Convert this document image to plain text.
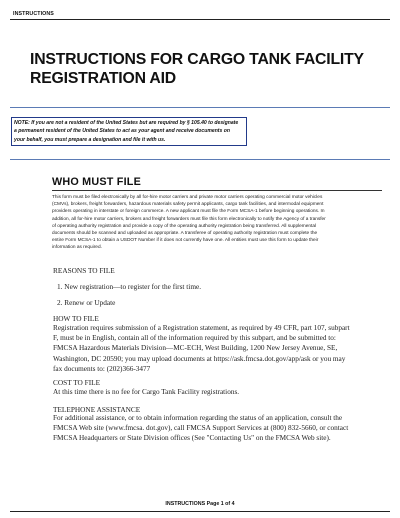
INSTRUCTIONS
INSTRUCTIONS FOR CARGO TANK FACILITY
REGISTRATION AID
NOTE: If you are not a resident of the United States but are required by § 105.40 to designate
a permanent resident of the United States to act as your agent and receive documents on
your behalf, you must prepare a designation and file it with us.
WHO MUST FILE
This form must be filed electronically by all for-hire motor carriers and private motor carriers operating commercial motor vehicles
(CMVs), brokers, freight forwarders, hazardous materials safety permit applicants, cargo tank facilities, and intermodal equipment
providers operating in interstate or foreign commerce. A new applicant must file the Form MCSA-1 before beginning operations. In
addition, all for-hire motor carriers, brokers and freight forwarders must file this form electronically to notify the Agency of a transfer
of operating authority registration and provide a copy of the operating authority registration being transferred. All supplemental
documents should be scanned and uploaded as appropriate. A transferee of operating authority registration must complete the
entire Form MCSA-1 to obtain a USDOT Number if it does not currently have one. All entities must use this form to update their
information as required.
REASONS TO FILE
1. New registration—to register for the first time.
2. Renew or Update
HOW TO FILE
Registration requires submission of a Registration statement, as required by 49 CFR, part 107, subpart
F, must be in English, contain all of the information required by this subpart, and be submitted to:
FMCSA Hazardous Materials Division—MC-ECH, West Building, 1200 New Jersey Avenue, SE,
Washington, DC 20590; you may upload documents at https://ask.fmcsa.dot.gov/app/ask or you may
fax documents to: (202)366-3477
COST TO FILE
At this time there is no fee for Cargo Tank Facility registrations.
TELEPHONE ASSISTANCE
For additional assistance, or to obtain information regarding the status of an application, consult the
FMCSA Web site (www.fmcsa. dot.gov), call FMCSA Support Services at (800) 832-5660, or contact
FMCSA Headquarters or State Division offices (See "Contacting Us" on the FMCSA Web site).
INSTRUCTIONS Page 1 of 4
